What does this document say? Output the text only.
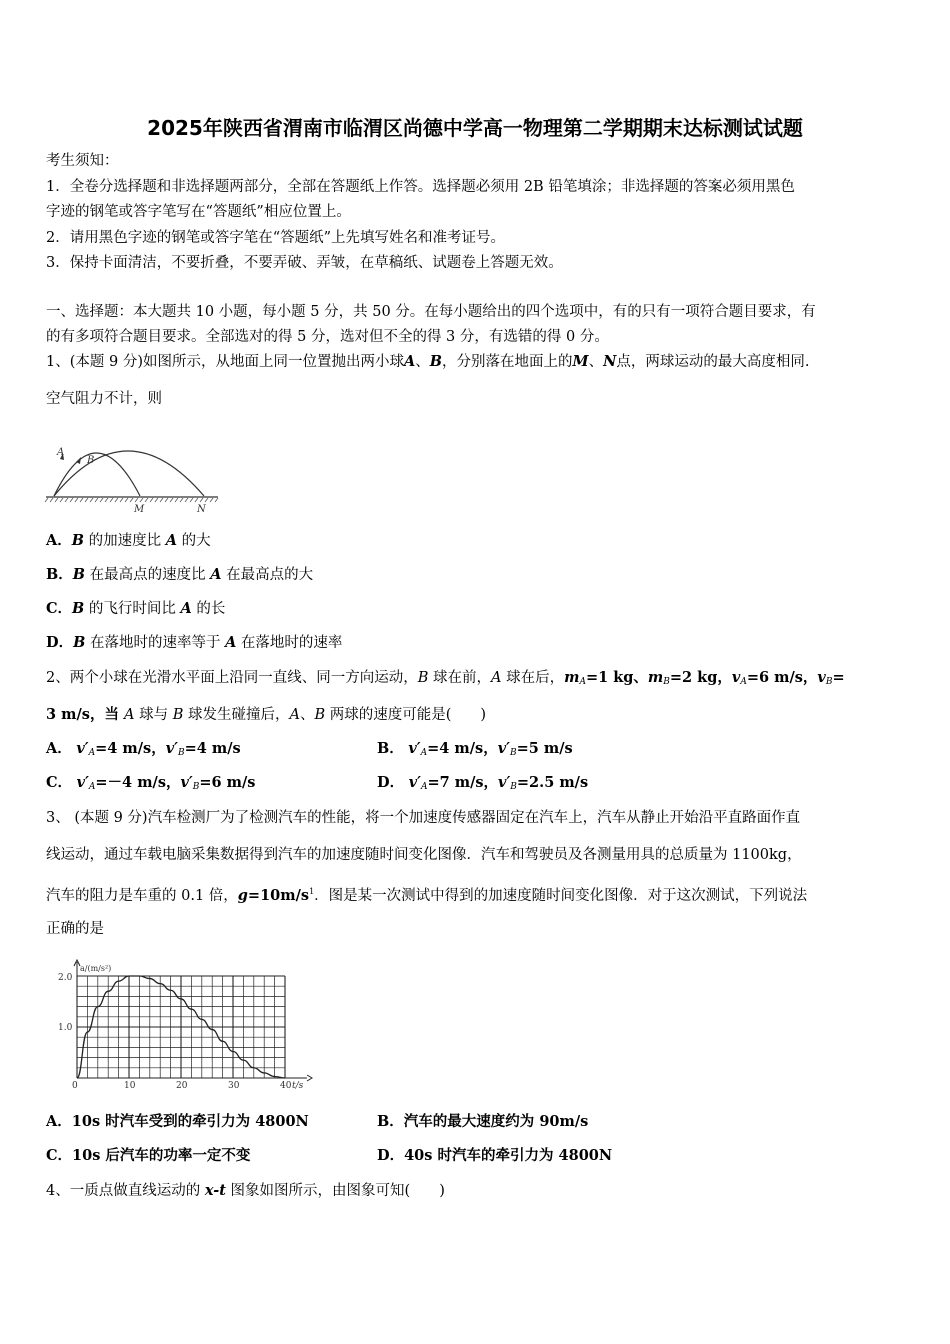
2025年陕西省渭南市临渭区尚德中学高一物理第二学期期末达标测试试题
考生须知：
1．全卷分选择题和非选择题两部分，全部在答题纸上作答。选择题必须用 2B 铅笔填涂；非选择题的答案必须用黑色
字迹的钢笔或答字笔写在“答题纸”相应位置上。
2．请用黑色字迹的钢笔或答字笔在“答题纸”上先填写姓名和准考证号。
3．保持卡面清洁，不要折叠，不要弄破、弄皱，在草稿纸、试题卷上答题无效。
一、选择题：本大题共 10 小题，每小题 5 分，共 50 分。在每小题给出的四个选项中，有的只有一项符合题目要求，有
的有多项符合题目要求。全部选对的得 5 分，选对但不全的得 3 分，有选错的得 0 分。
1、(本题 9 分)如图所示，从地面上同一位置抛出两小球A、B，分别落在地面上的M、N点，两球运动的最大高度相同.
空气阻力不计，则
A
B
M	N
A．B 的加速度比 A 的大
B．B 在最高点的速度比 A 在最高点的大
C．B 的飞行时间比 A 的长
D．B 在落地时的速率等于 A 在落地时的速率
2、两个小球在光滑水平面上沿同一直线、同一方向运动，B 球在前，A 球在后，$m_A=1$ kg、$m_B=2$ kg，$v_A=6$ m/s，$v_B=$
3 m/s，当 A 球与 B 球发生碰撞后，A、B 两球的速度可能是(　　)
A． $v'_A=4$ m/s，$v'_B=4$ m/s	B． $v'_A=4$ m/s，$v'_B=5$ m/s
C． $v'_A=-4$ m/s，$v'_B=6$ m/s	D． $v'_A=7$ m/s，$v'_B=2.5$ m/s
3、 (本题 9 分)汽车检测厂为了检测汽车的性能，将一个加速度传感器固定在汽车上，汽车从静止开始沿平直路面作直
线运动，通过车载电脑采集数据得到汽车的加速度随时间变化图像．汽车和驾驶员及各测量用具的总质量为 1100kg，
汽车的阻力是车重的 0.1 倍，$g=10m/s^1$．图是某一次测试中得到的加速度随时间变化图像．对于这次测试，下列说法
正确的是
a/(m/s²)
2.0
1.0
0	10	20	30	40 t/s
A．10s 时汽车受到的牵引力为 4800N	B．汽车的最大速度约为 90m/s
C．10s 后汽车的功率一定不变	D．40s 时汽车的牵引力为 4800N
4、一质点做直线运动的 x-t 图象如图所示，由图象可知(　　)
